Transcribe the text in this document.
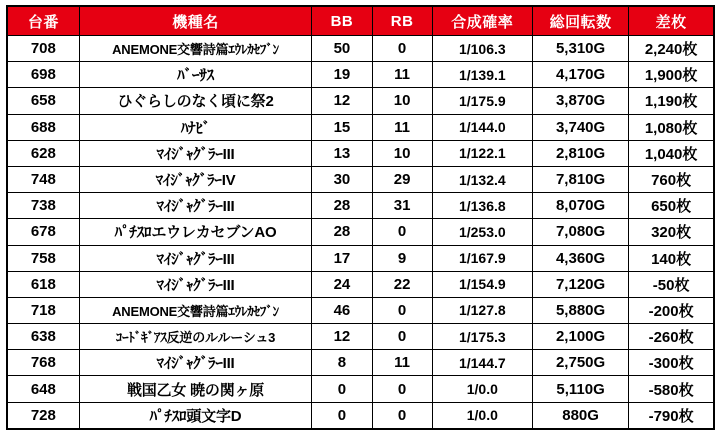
台番	機種名	BB	RB	合成確率	総回転数	差枚
708	ANEMONE交響詩篇ｴｳﾚｶｾﾌﾞﾝ	50	0	1/106.3	5,310G	2,240枚
698	ﾊﾞｰｻｽ	19	11	1/139.1	4,170G	1,900枚
658	ひぐらしのなく頃に祭2	12	10	1/175.9	3,870G	1,190枚
688	ﾊﾅﾋﾞ	15	11	1/144.0	3,740G	1,080枚
628	ﾏｲｼﾞｬｸﾞﾗｰIII	13	10	1/122.1	2,810G	1,040枚
748	ﾏｲｼﾞｬｸﾞﾗｰIV	30	29	1/132.4	7,810G	760枚
738	ﾏｲｼﾞｬｸﾞﾗｰIII	28	31	1/136.8	8,070G	650枚
678	ﾊﾟﾁｽﾛエウレカセブンAO	28	0	1/253.0	7,080G	320枚
758	ﾏｲｼﾞｬｸﾞﾗｰIII	17	9	1/167.9	4,360G	140枚
618	ﾏｲｼﾞｬｸﾞﾗｰIII	24	22	1/154.9	7,120G	-50枚
718	ANEMONE交響詩篇ｴｳﾚｶｾﾌﾞﾝ	46	0	1/127.8	5,880G	-200枚
638	ｺｰﾄﾞｷﾞｱｽ反逆のルルーシュ3	12	0	1/175.3	2,100G	-260枚
768	ﾏｲｼﾞｬｸﾞﾗｰIII	8	11	1/144.7	2,750G	-300枚
648	戦国乙女 暁の関ヶ原	0	0	1/0.0	5,110G	-580枚
728	ﾊﾟﾁｽﾛ頭文字D	0	0	1/0.0	880G	-790枚
